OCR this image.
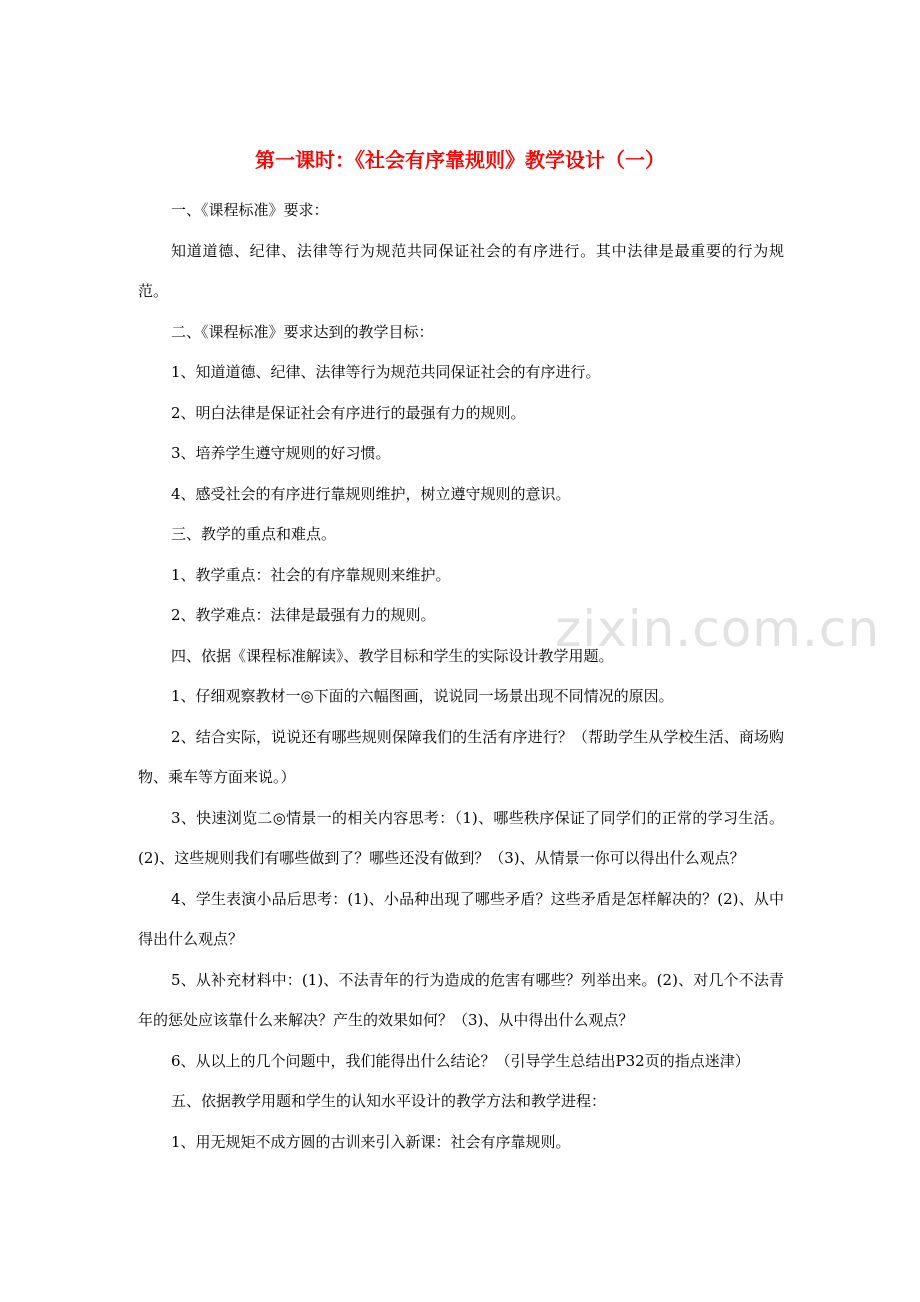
zixin.com.cn
第一课时：《社会有序靠规则》教学设计（一）

一、《课程标准》要求：

知道道德、纪律、法律等行为规范共同保证社会的有序进行。其中法律是最重要的行为规范。

二、《课程标准》要求达到的教学目标：

1、知道道德、纪律、法律等行为规范共同保证社会的有序进行。

2、明白法律是保证社会有序进行的最强有力的规则。

3、培养学生遵守规则的好习惯。

4、感受社会的有序进行靠规则维护，树立遵守规则的意识。

三、教学的重点和难点。

1、教学重点：社会的有序靠规则来维护。

2、教学难点：法律是最强有力的规则。

四、依据《课程标准解读》、教学目标和学生的实际设计教学用题。

1、仔细观察教材一◎下面的六幅图画，说说同一场景出现不同情况的原因。

2、结合实际，说说还有哪些规则保障我们的生活有序进行？（帮助学生从学校生活、商场购物、乘车等方面来说。）

3、快速浏览二◎情景一的相关内容思考：（1)、哪些秩序保证了同学们的正常的学习生活。(2)、这些规则我们有哪些做到了？哪些还没有做到？（3)、从情景一你可以得出什么观点？

4、学生表演小品后思考：(1)、小品种出现了哪些矛盾？这些矛盾是怎样解决的？(2)、从中得出什么观点？

5、从补充材料中：(1)、不法青年的行为造成的危害有哪些？列举出来。(2)、对几个不法青年的惩处应该靠什么来解决？产生的效果如何？（3)、从中得出什么观点？

6、从以上的几个问题中，我们能得出什么结论？（引导学生总结出P32页的指点迷津）

五、依据教学用题和学生的认知水平设计的教学方法和教学进程：

1、用无规矩不成方圆的古训来引入新课：社会有序靠规则。
